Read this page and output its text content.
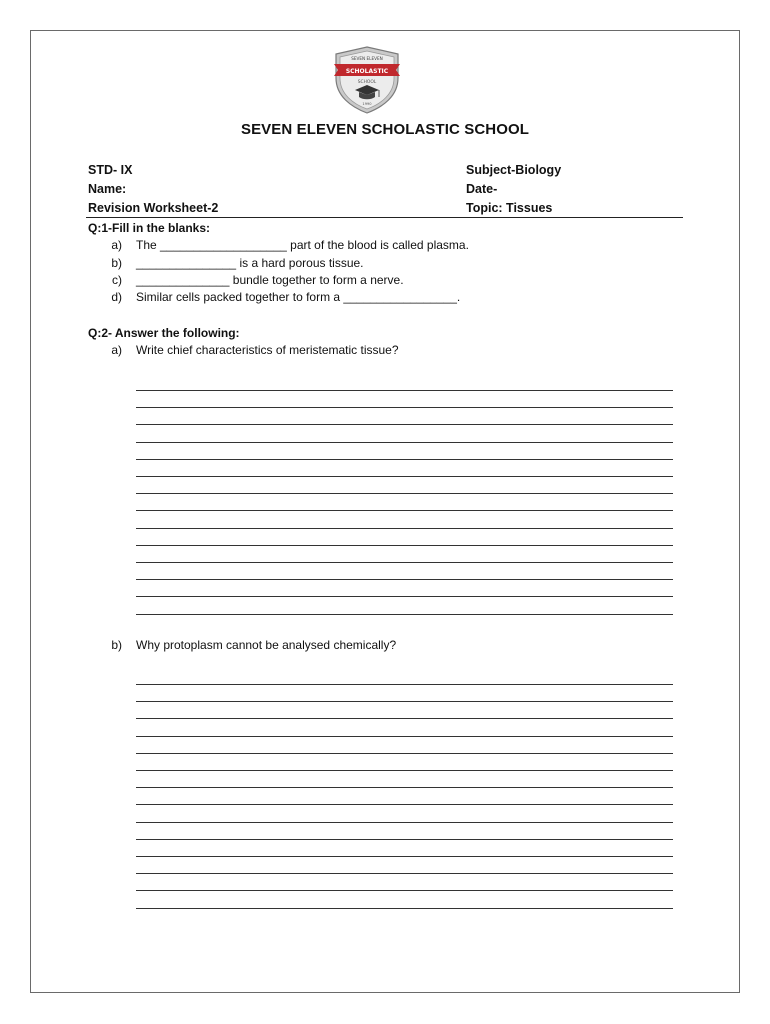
SEVEN ELEVEN
SCHOLASTIC
SCHOOL
1990
SEVEN ELEVEN SCHOLASTIC SCHOOL
STD- IX
Name:
Revision Worksheet-2
Subject-Biology
Date-
Topic: Tissues
Q:1-Fill in the blanks:
a) The ___________________ part of the blood is called plasma.
b) _______________ is a hard porous tissue.
c) ______________ bundle together to form a nerve.
d) Similar cells packed together to form a _________________.
Q:2- Answer the following:
a) Write chief characteristics of meristematic tissue?
b) Why protoplasm cannot be analysed chemically?
